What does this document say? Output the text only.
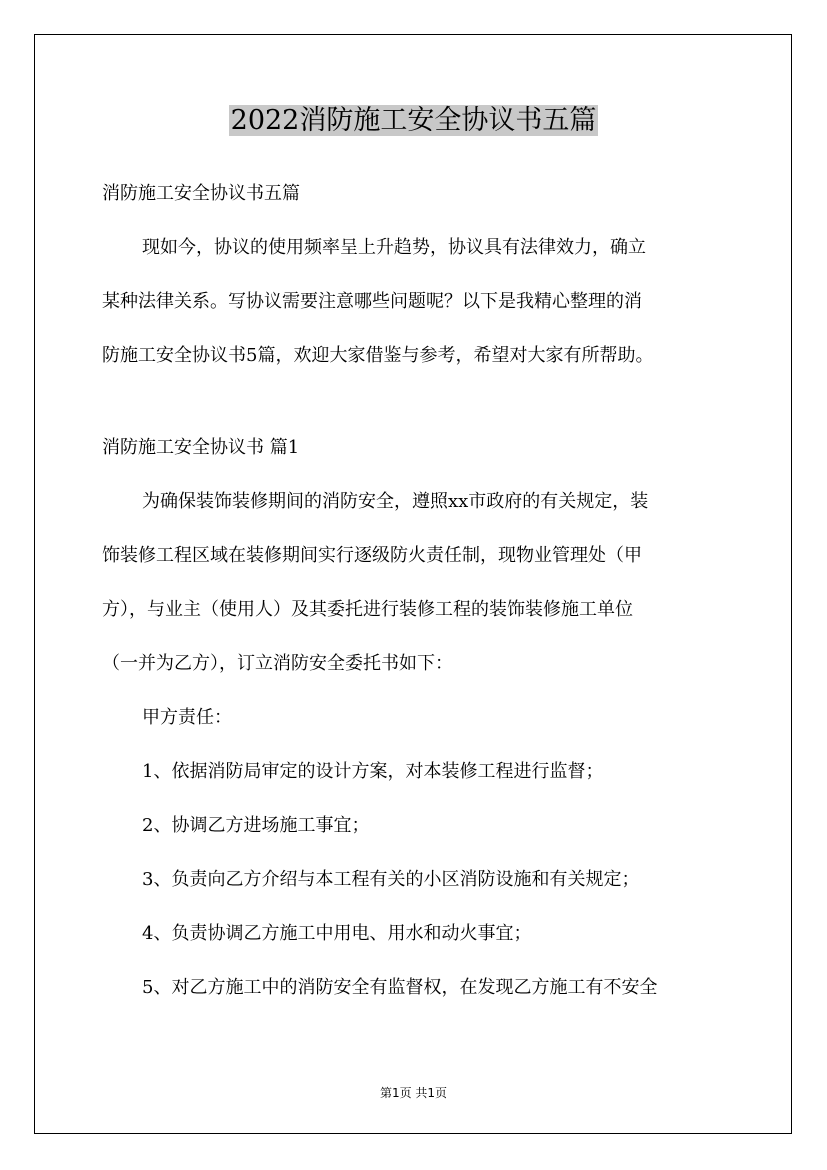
2022消防施工安全协议书五篇
消防施工安全协议书五篇
现如今，协议的使用频率呈上升趋势，协议具有法律效力，确立
某种法律关系。写协议需要注意哪些问题呢？以下是我精心整理的消
防施工安全协议书5篇，欢迎大家借鉴与参考，希望对大家有所帮助。
消防施工安全协议书 篇1
为确保装饰装修期间的消防安全，遵照xx市政府的有关规定，装
饰装修工程区域在装修期间实行逐级防火责任制，现物业管理处（甲
方），与业主（使用人）及其委托进行装修工程的装饰装修施工单位
（一并为乙方），订立消防安全委托书如下：
甲方责任：
1、依据消防局审定的设计方案，对本装修工程进行监督；
2、协调乙方进场施工事宜；
3、负责向乙方介绍与本工程有关的小区消防设施和有关规定；
4、负责协调乙方施工中用电、用水和动火事宜；
5、对乙方施工中的消防安全有监督权，在发现乙方施工有不安全
第1页 共1页
